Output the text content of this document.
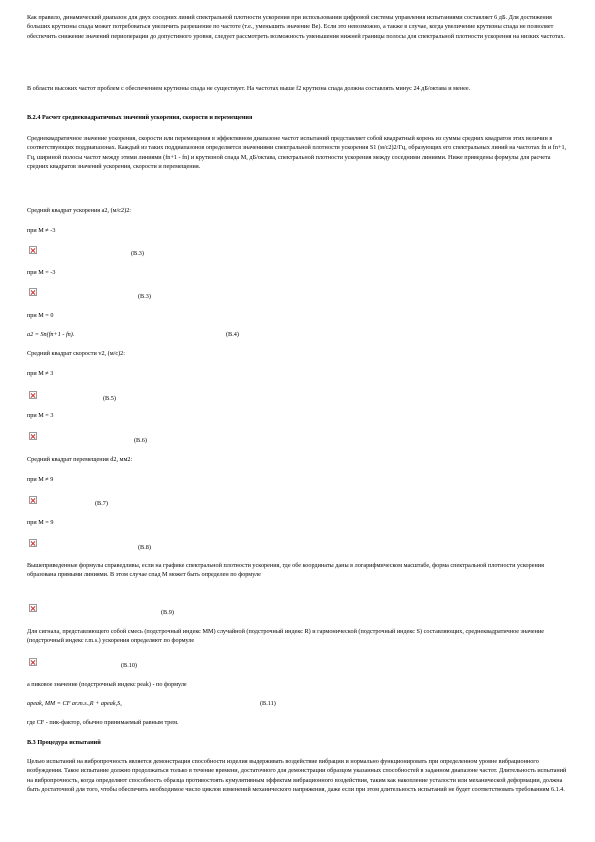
Как правило, динамический диапазон для двух соседних линий спектральной плотности ускорения при использовании цифровой системы управления испытаниями составляет 6 дБ. Для достижения больших крутизны спада может потребоваться увеличить разрешение по частоте (т.е., уменьшить значение Bе). Если это невозможно, а также в случае, когда увеличение крутизны спада не позволяет обеспечить снижение значений периоперации до допустимого уровня, следует рассмотреть возможность уменьшения нижней границы полосы для спектральной плотности ускорения на низких частотах.

В области высоких частот проблем с обеспечением крутизны спада не существует. На частотах выше f2 крутизна спада должна составлять минус 24 дБ/октава и менее.

В.2.4 Расчет среднеквадратичных значений ускорения, скорости и перемещения

Среднеквадратичное значение ускорения, скорости или перемещения в эффективном диапазоне частот испытаний представляет собой квадратный корень из суммы средних квадратов этих величин в соответствующих поддиапазонах. Каждый из таких поддиапазонов определяется значениями спектральной плотности ускорения S1 (м/с2)2/Гц, образующих его спектральных линий на частотах fn и fn+1, Гц, шириной полосы частот между этими линиями (fn+1 - fn) и крутизной спада M, дБ/октава, спектральной плотности ускорения между соседними линиями. Ниже приведены формулы для расчета средних квадратов значений ускорения, скорости и перемещения.

Средний квадрат ускорения a2, (м/с2)2:

при M ≠ -3
(В.3)
при M = -3
(В.3)
при M = 0
a2 = Sn(fn+1 - fn).	(В.4)

Средний квадрат скорости v2, (м/с)2:

при M ≠ 3
(В.5)
при M = 3
(В.6)

Средний квадрат перемещения d2, мм2:

при M ≠ 9
(В.7)
при M = 9
(В.8)

Вышеприведенные формулы справедливы, если на графике спектральной плотности ускорения, где обе координаты даны в логарифмическом масштабе, форма спектральной плотности ускорения образована прямыми линиями. В этом случае спад M может быть определен по формуле

(В.9)

Для сигнала, представляющего собой смесь (подстрочный индекс MM) случайной (подстрочный индекс R) и гармонической (подстрочный индекс S) составляющих, среднеквадратичное значение (подстрочный индекс r.m.s.) ускорения определяют по формуле

(В.10)

а пиковое значение (подстрочный индекс peak) - по формуле

apeak, MM = CF ar.m.s.,R + apeak,S,	(В.11)

где CF - пик-фактор, обычно принимаемый равным трем.

В.3 Процедура испытаний

Целью испытаний на вибропрочность является демонстрация способности изделия выдерживать воздействие вибрации и нормально функционировать при определенном уровне вибрационного возбуждения. Такое испытание должно продолжаться только в течение времени, достаточного для демонстрации образцом указанных способностей в заданном диапазоне частот. Длительность испытаний на вибропрочность, когда определяют способность образца противостоять кумулятивным эффектам вибрационного воздействия, таким как накопление усталости или механической деформации, должна быть достаточной для того, чтобы обеспечить необходимое число циклов изменений механического напряжения, даже если при этом длительность испытаний не будет соответствовать требованиям 6.1.4.
